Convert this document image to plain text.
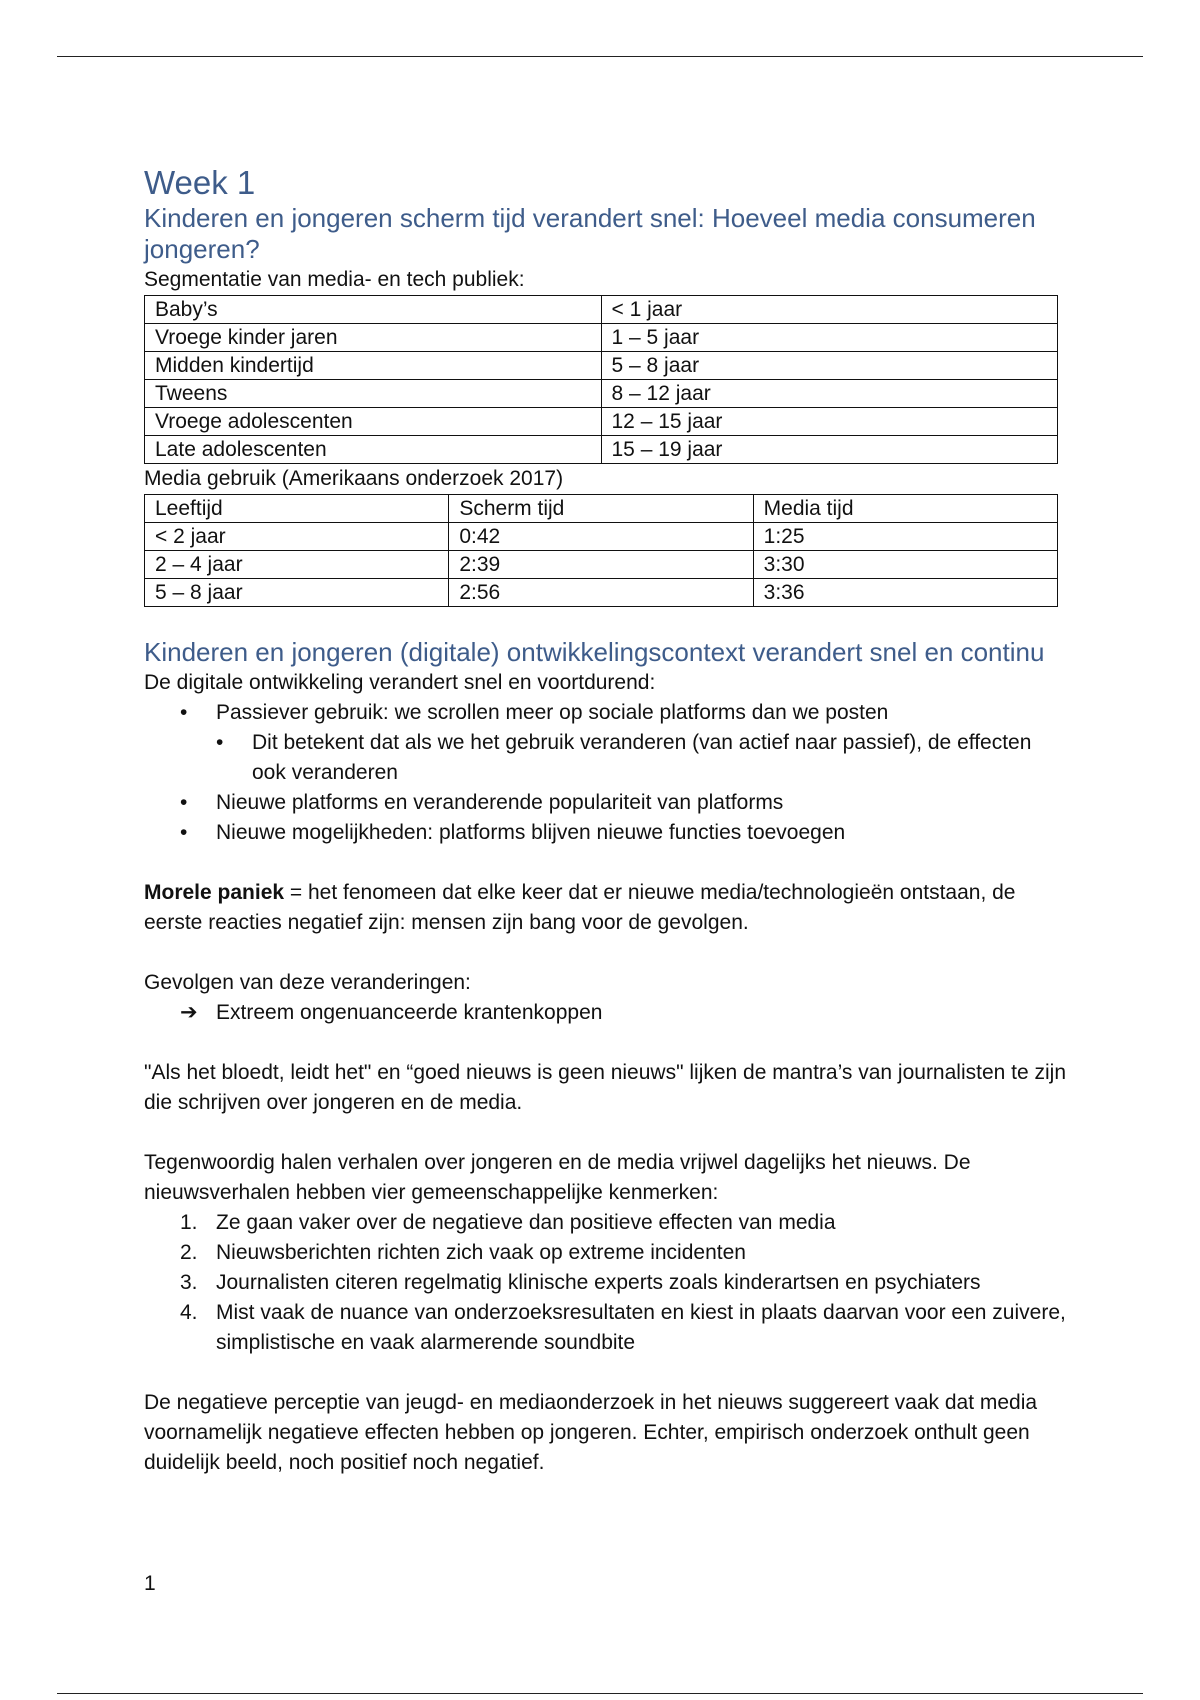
Week 1
Kinderen en jongeren scherm tijd verandert snel: Hoeveel media consumeren jongeren?

Segmentatie van media- en tech publiek:

Baby’s	< 1 jaar
Vroege kinder jaren	1 – 5 jaar
Midden kindertijd	5 – 8 jaar
Tweens	8 – 12 jaar
Vroege adolescenten	12 – 15 jaar
Late adolescenten	15 – 19 jaar

Media gebruik (Amerikaans onderzoek 2017)

Leeftijd	Scherm tijd	Media tijd
< 2 jaar	0:42	1:25
2 – 4 jaar	2:39	3:30
5 – 8 jaar	2:56	3:36
Kinderen en jongeren (digitale) ontwikkelingscontext verandert snel en continu

De digitale ontwikkeling verandert snel en voortdurend:

• Passiever gebruik: we scrollen meer op sociale platforms dan we posten
• Dit betekent dat als we het gebruik veranderen (van actief naar passief), de effecten ook veranderen
• Nieuwe platforms en veranderende populariteit van platforms
• Nieuwe mogelijkheden: platforms blijven nieuwe functies toevoegen

Morele paniek = het fenomeen dat elke keer dat er nieuwe media/technologieën ontstaan, de eerste reacties negatief zijn: mensen zijn bang voor de gevolgen.

Gevolgen van deze veranderingen:

➔ Extreem ongenuanceerde krantenkoppen

"Als het bloedt, leidt het" en “goed nieuws is geen nieuws" lijken de mantra’s van journalisten te zijn die schrijven over jongeren en de media.

Tegenwoordig halen verhalen over jongeren en de media vrijwel dagelijks het nieuws. De nieuwsverhalen hebben vier gemeenschappelijke kenmerken:

1. Ze gaan vaker over de negatieve dan positieve effecten van media
2. Nieuwsberichten richten zich vaak op extreme incidenten
3. Journalisten citeren regelmatig klinische experts zoals kinderartsen en psychiaters
4. Mist vaak de nuance van onderzoeksresultaten en kiest in plaats daarvan voor een zuivere, simplistische en vaak alarmerende soundbite

De negatieve perceptie van jeugd- en mediaonderzoek in het nieuws suggereert vaak dat media voornamelijk negatieve effecten hebben op jongeren. Echter, empirisch onderzoek onthult geen duidelijk beeld, noch positief noch negatief.

1
